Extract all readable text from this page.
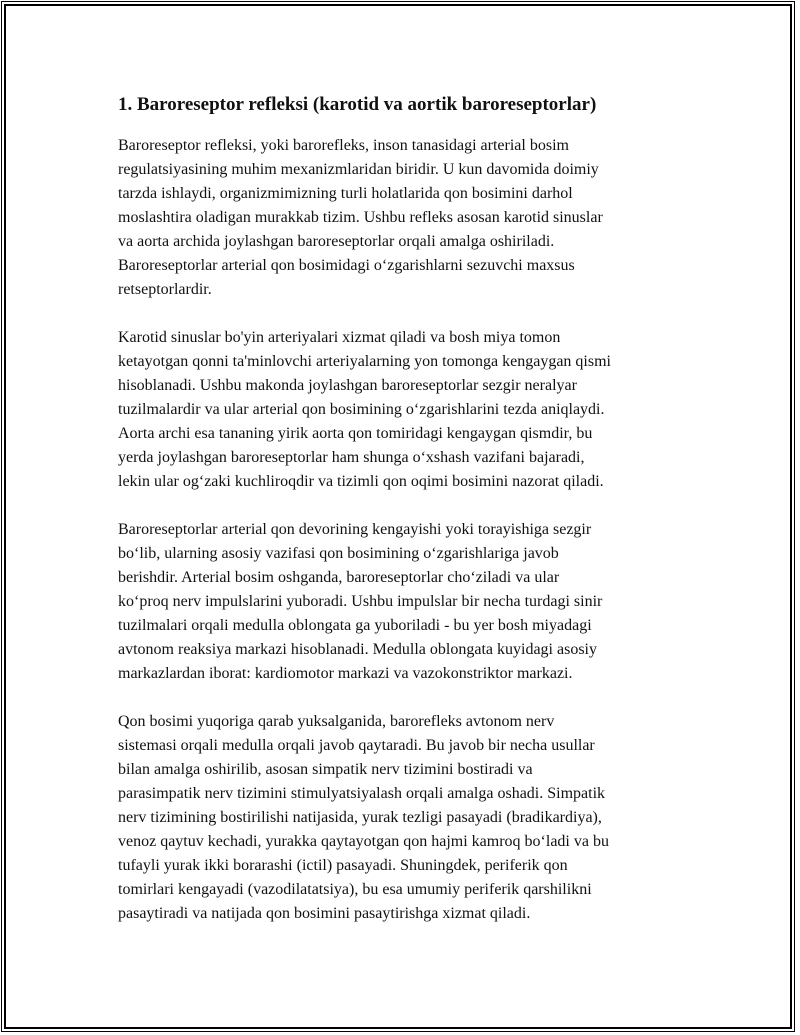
1. Baroreseptor refleksi (karotid va aortik baroreseptorlar)

Baroreseptor refleksi, yoki barorefleks, inson tanasidagi arterial bosim
regulatsiyasining muhim mexanizmlaridan biridir. U kun davomida doimiy
tarzda ishlaydi, organizmimizning turli holatlarida qon bosimini darhol
moslashtira oladigan murakkab tizim. Ushbu refleks asosan karotid sinuslar
va aorta archida joylashgan baroreseptorlar orqali amalga oshiriladi.
Baroreseptorlar arterial qon bosimidagi o‘zgarishlarni sezuvchi maxsus
retseptorlardir.

Karotid sinuslar bo'yin arteriyalari xizmat qiladi va bosh miya tomon
ketayotgan qonni ta'minlovchi arteriyalarning yon tomonga kengaygan qismi
hisoblanadi. Ushbu makonda joylashgan baroreseptorlar sezgir neralyar
tuzilmalardir va ular arterial qon bosimining o‘zgarishlarini tezda aniqlaydi.
Aorta archi esa tananing yirik aorta qon tomiridagi kengaygan qismdir, bu
yerda joylashgan baroreseptorlar ham shunga o‘xshash vazifani bajaradi,
lekin ular og‘zaki kuchliroqdir va tizimli qon oqimi bosimini nazorat qiladi.

Baroreseptorlar arterial qon devorining kengayishi yoki torayishiga sezgir
bo‘lib, ularning asosiy vazifasi qon bosimining o‘zgarishlariga javob
berishdir. Arterial bosim oshganda, baroreseptorlar cho‘ziladi va ular
ko‘proq nerv impulslarini yuboradi. Ushbu impulslar bir necha turdagi sinir
tuzilmalari orqali medulla oblongata ga yuboriladi - bu yer bosh miyadagi
avtonom reaksiya markazi hisoblanadi. Medulla oblongata kuyidagi asosiy
markazlardan iborat: kardiomotor markazi va vazokonstriktor markazi.

Qon bosimi yuqoriga qarab yuksalganida, barorefleks avtonom nerv
sistemasi orqali medulla orqali javob qaytaradi. Bu javob bir necha usullar
bilan amalga oshirilib, asosan simpatik nerv tizimini bostiradi va
parasimpatik nerv tizimini stimulyatsiyalash orqali amalga oshadi. Simpatik
nerv tizimining bostirilishi natijasida, yurak tezligi pasayadi (bradikardiya),
venoz qaytuv kechadi, yurakka qaytayotgan qon hajmi kamroq bo‘ladi va bu
tufayli yurak ikki borarashi (ictil) pasayadi. Shuningdek, periferik qon
tomirlari kengayadi (vazodilatatsiya), bu esa umumiy periferik qarshilikni
pasaytiradi va natijada qon bosimini pasaytirishga xizmat qiladi.
